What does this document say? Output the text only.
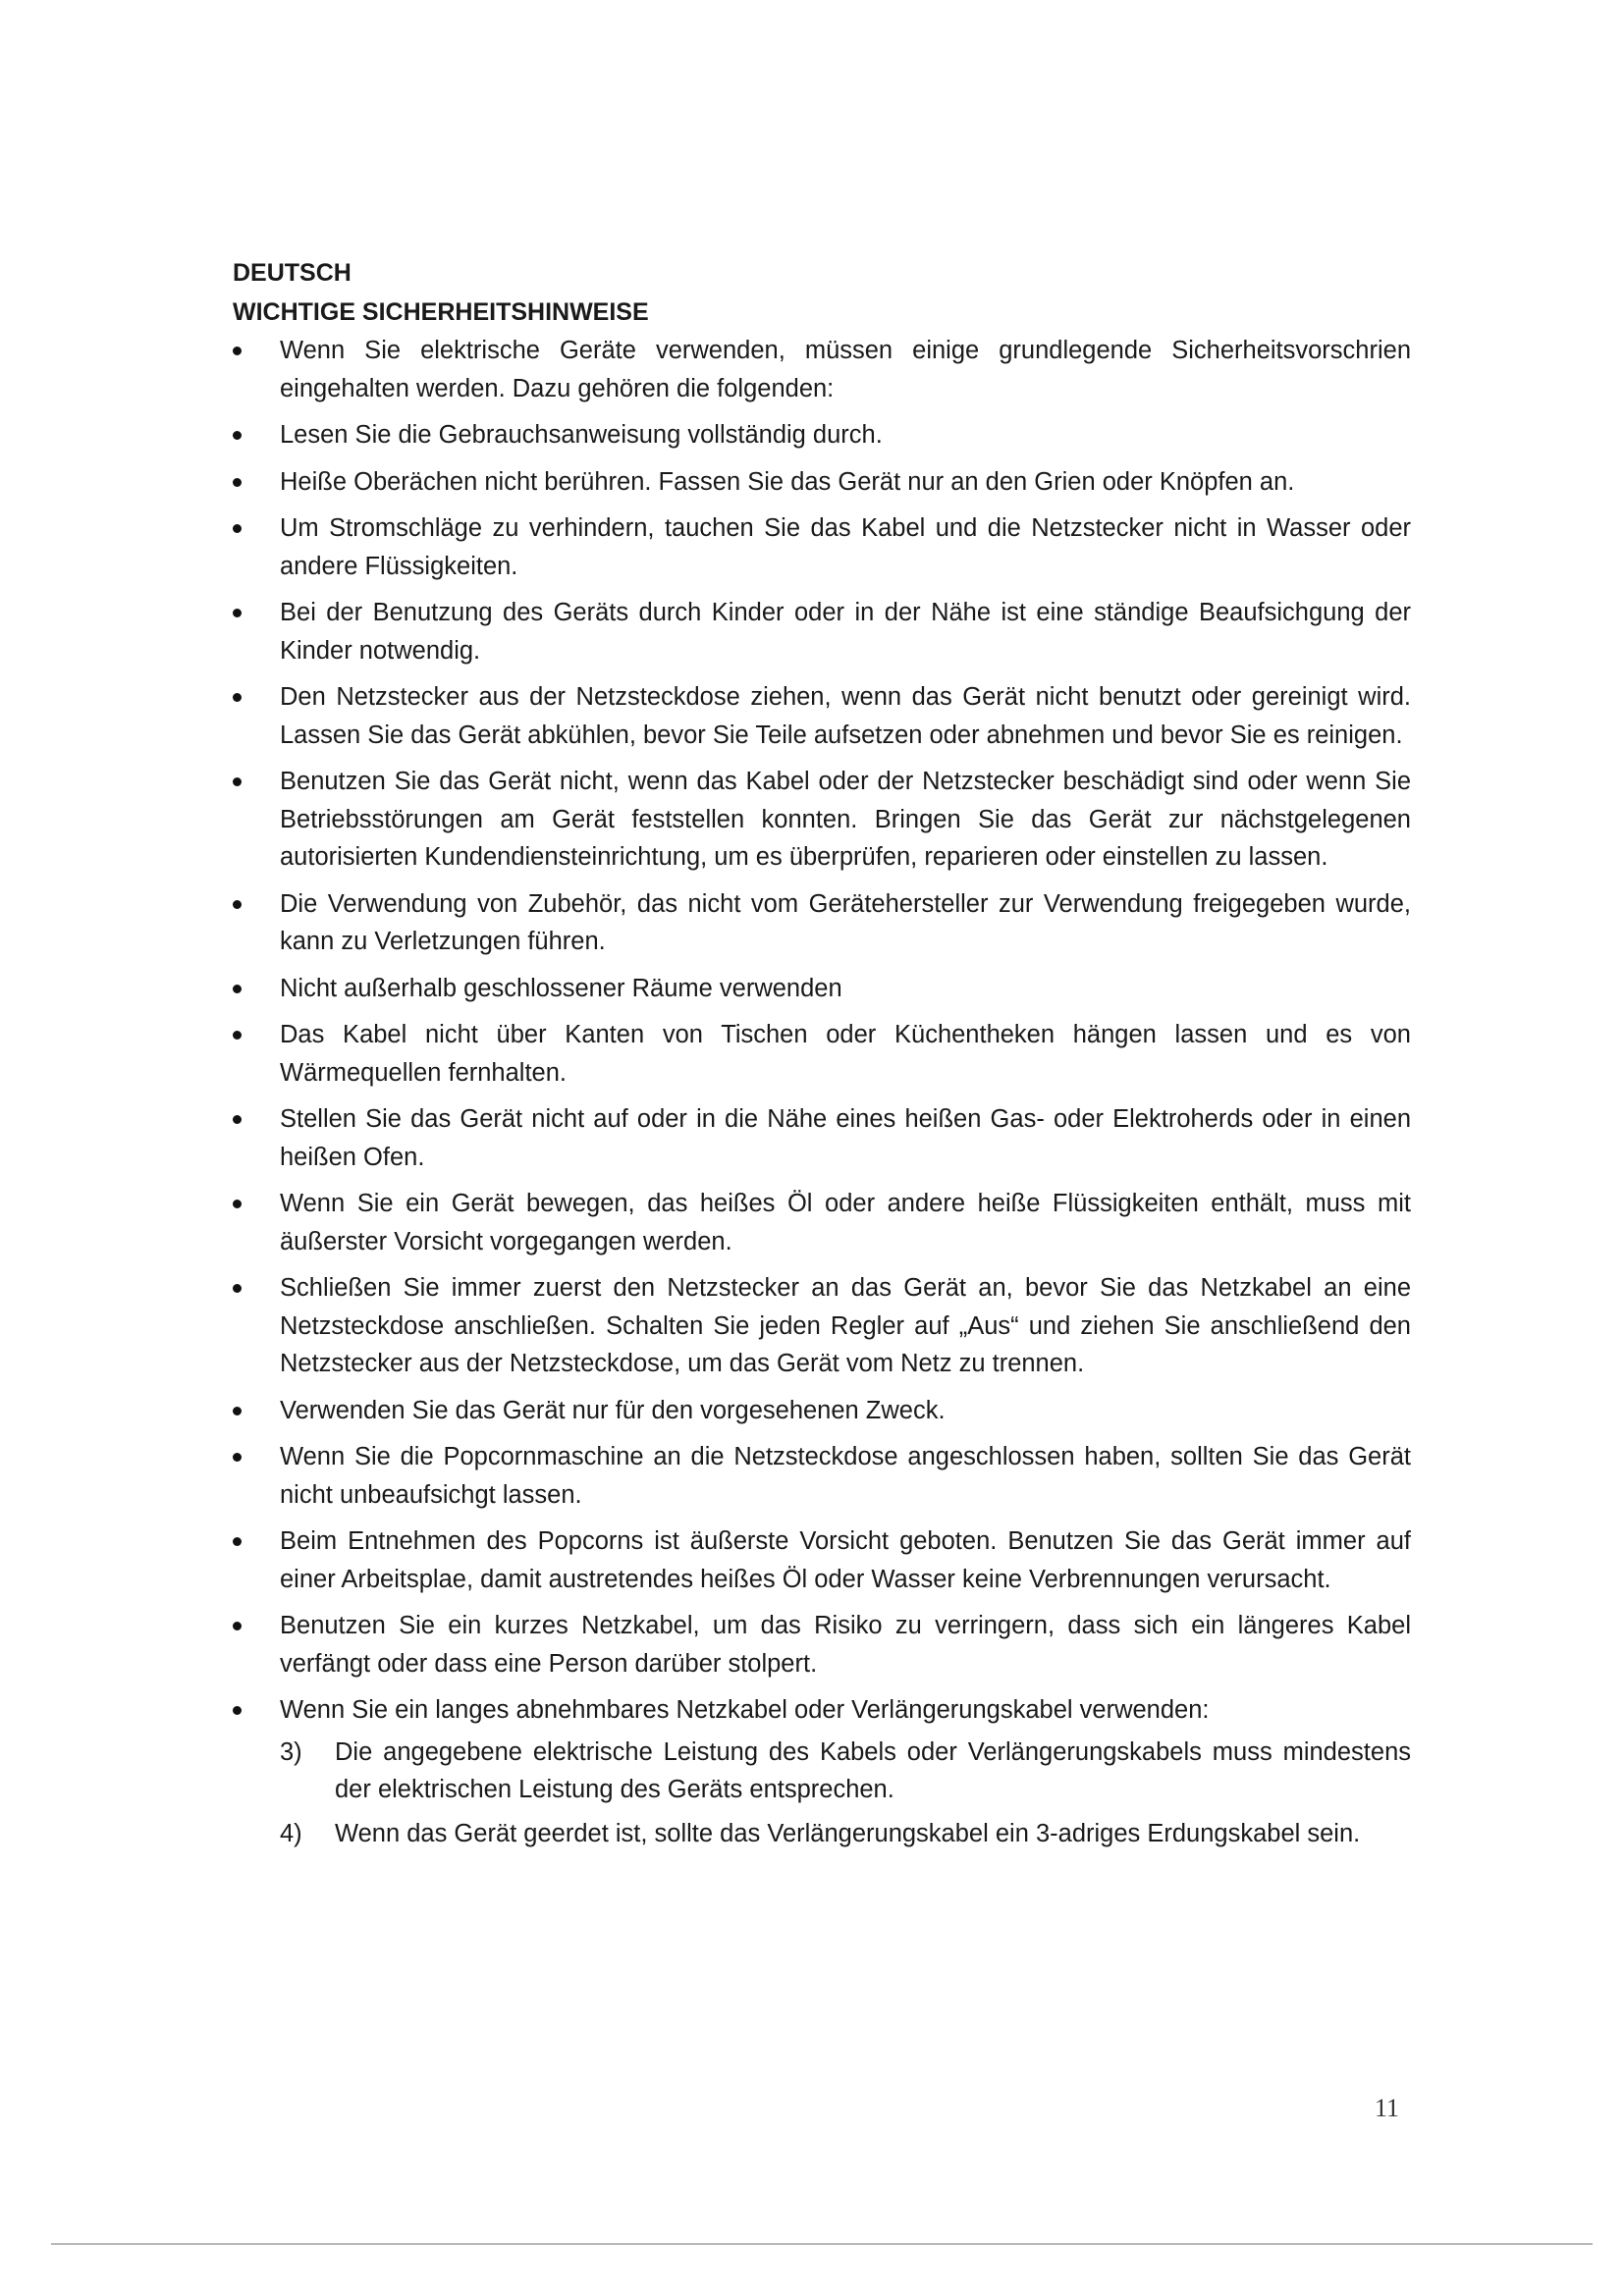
DEUTSCH

WICHTIGE SICHERHEITSHINWEISE

Wenn Sie elektrische Geräte verwenden, müssen einige grundlegende Sicherheitsvorschrien eingehalten werden. Dazu gehören die folgenden:
Lesen Sie die Gebrauchsanweisung vollständig durch.
Heiße Oberächen nicht berühren. Fassen Sie das Gerät nur an den Grien oder Knöpfen an.
Um Stromschläge zu verhindern, tauchen Sie das Kabel und die Netzstecker nicht in Wasser oder andere Flüssigkeiten.
Bei der Benutzung des Geräts durch Kinder oder in der Nähe ist eine ständige Beaufsichgung der Kinder notwendig.
Den Netzstecker aus der Netzsteckdose ziehen, wenn das Gerät nicht benutzt oder gereinigt wird. Lassen Sie das Gerät abkühlen, bevor Sie Teile aufsetzen oder abnehmen und bevor Sie es reinigen.
Benutzen Sie das Gerät nicht, wenn das Kabel oder der Netzstecker beschädigt sind oder wenn Sie Betriebsstörungen am Gerät feststellen konnten. Bringen Sie das Gerät zur nächstgelegenen autorisierten Kundendiensteinrichtung, um es überprüfen, reparieren oder einstellen zu lassen.
Die Verwendung von Zubehör, das nicht vom Gerätehersteller zur Verwendung freigegeben wurde, kann zu Verletzungen führen.
Nicht außerhalb geschlossener Räume verwenden
Das Kabel nicht über Kanten von Tischen oder Küchentheken hängen lassen und es von Wärmequellen fernhalten.
Stellen Sie das Gerät nicht auf oder in die Nähe eines heißen Gas- oder Elektroherds oder in einen heißen Ofen.
Wenn Sie ein Gerät bewegen, das heißes Öl oder andere heiße Flüssigkeiten enthält, muss mit äußerster Vorsicht vorgegangen werden.
Schließen Sie immer zuerst den Netzstecker an das Gerät an, bevor Sie das Netzkabel an eine Netzsteckdose anschließen. Schalten Sie jeden Regler auf „Aus“ und ziehen Sie anschließend den Netzstecker aus der Netzsteckdose, um das Gerät vom Netz zu trennen.
Verwenden Sie das Gerät nur für den vorgesehenen Zweck.
Wenn Sie die Popcornmaschine an die Netzsteckdose angeschlossen haben, sollten Sie das Gerät nicht unbeaufsichgt lassen.
Beim Entnehmen des Popcorns ist äußerste Vorsicht geboten. Benutzen Sie das Gerät immer auf einer Arbeitsplae, damit austretendes heißes Öl oder Wasser keine Verbrennungen verursacht.
Benutzen Sie ein kurzes Netzkabel, um das Risiko zu verringern, dass sich ein längeres Kabel verfängt oder dass eine Person darüber stolpert.
Wenn Sie ein langes abnehmbares Netzkabel oder Verlängerungskabel verwenden:
3) Die angegebene elektrische Leistung des Kabels oder Verlängerungskabels muss mindestens der elektrischen Leistung des Geräts entsprechen.
4) Wenn das Gerät geerdet ist, sollte das Verlängerungskabel ein 3-adriges Erdungskabel sein.
11
